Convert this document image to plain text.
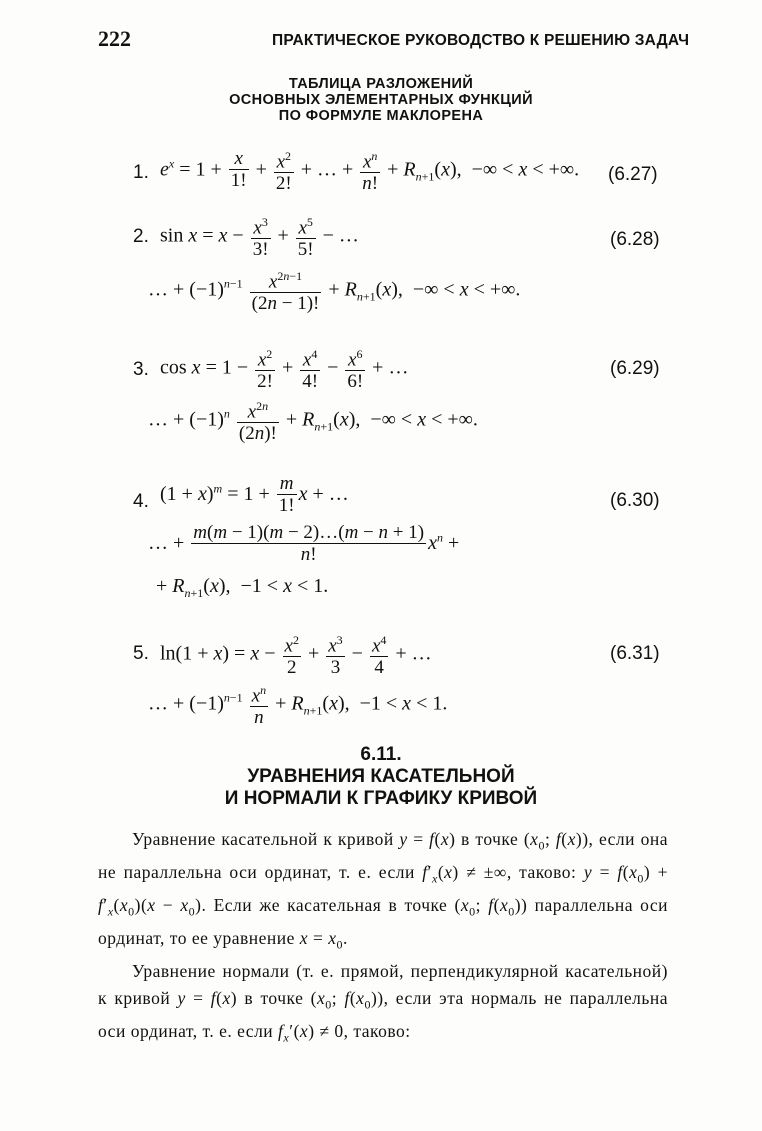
222	ПРАКТИЧЕСКОЕ РУКОВОДСТВО К РЕШЕНИЮ ЗАДАЧ
ТАБЛИЦА РАЗЛОЖЕНИЙ
ОСНОВНЫХ ЭЛЕМЕНТАРНЫХ ФУНКЦИЙ
ПО ФОРМУЛЕ МАКЛОРЕНА
1. $e^x = 1 + \frac{x}{1!} + \frac{x^2}{2!}$ + … + $\frac{x^n}{n!} + R_{n+1}(x)$,  −∞ < x < +∞. (6.27)
2. $\sin x = x - \frac{x^3}{3!} + \frac{x^5}{5!}$ − …	(6.28)
… + $(-1)^{n-1} \frac{x^{2n-1}}{(2n - 1)!} + R_{n+1}(x)$,  −∞ < x < +∞.
3. $\cos x = 1 - \frac{x^2}{2!} + \frac{x^4}{4!} - \frac{x^6}{6!}$ + …	(6.29)
… + $(-1)^n \frac{x^{2n}}{(2n)!} + R_{n+1}(x)$,  −∞ < x < +∞.
4. $(1 + x)^m = 1 + \frac{m}{1!}$ x + …	(6.30)
… + $\frac{m(m - 1)(m - 2)\dots(m - n + 1)}{n!} x^n$ +
+ $R_{n+1}(x)$,  −1 < x < 1.
5. $\ln(1 + x) = x - \frac{x^2}{2} + \frac{x^3}{3} - \frac{x^4}{4}$ + …	(6.31)
… + $(-1)^{n-1} \frac{x^n}{n} + R_{n+1}(x)$,  −1 < x < 1.
6.11.
УРАВНЕНИЯ КАСАТЕЛЬНОЙ
И НОРМАЛИ К ГРАФИКУ КРИВОЙ

Уравнение касательной к кривой y = f(x) в точке ($x_0$; f(x)), если она не параллельна оси ординат, т. е. если $f'_x(x)$ ≠ ±∞, таково: $y = f(x_0) + f'_x(x_0)(x - x_0)$. Если же касательная в точке ($x_0$; $f(x_0)$) параллельна оси ординат, то ее уравнение $x = x_0$.

Уравнение нормали (т. е. прямой, перпендикулярной касательной) к кривой y = f(x) в точке ($x_0$; $f(x_0)$), если эта нормаль не параллельна оси ординат, т. е. если $f_x'(x) \ne 0$, таково:
